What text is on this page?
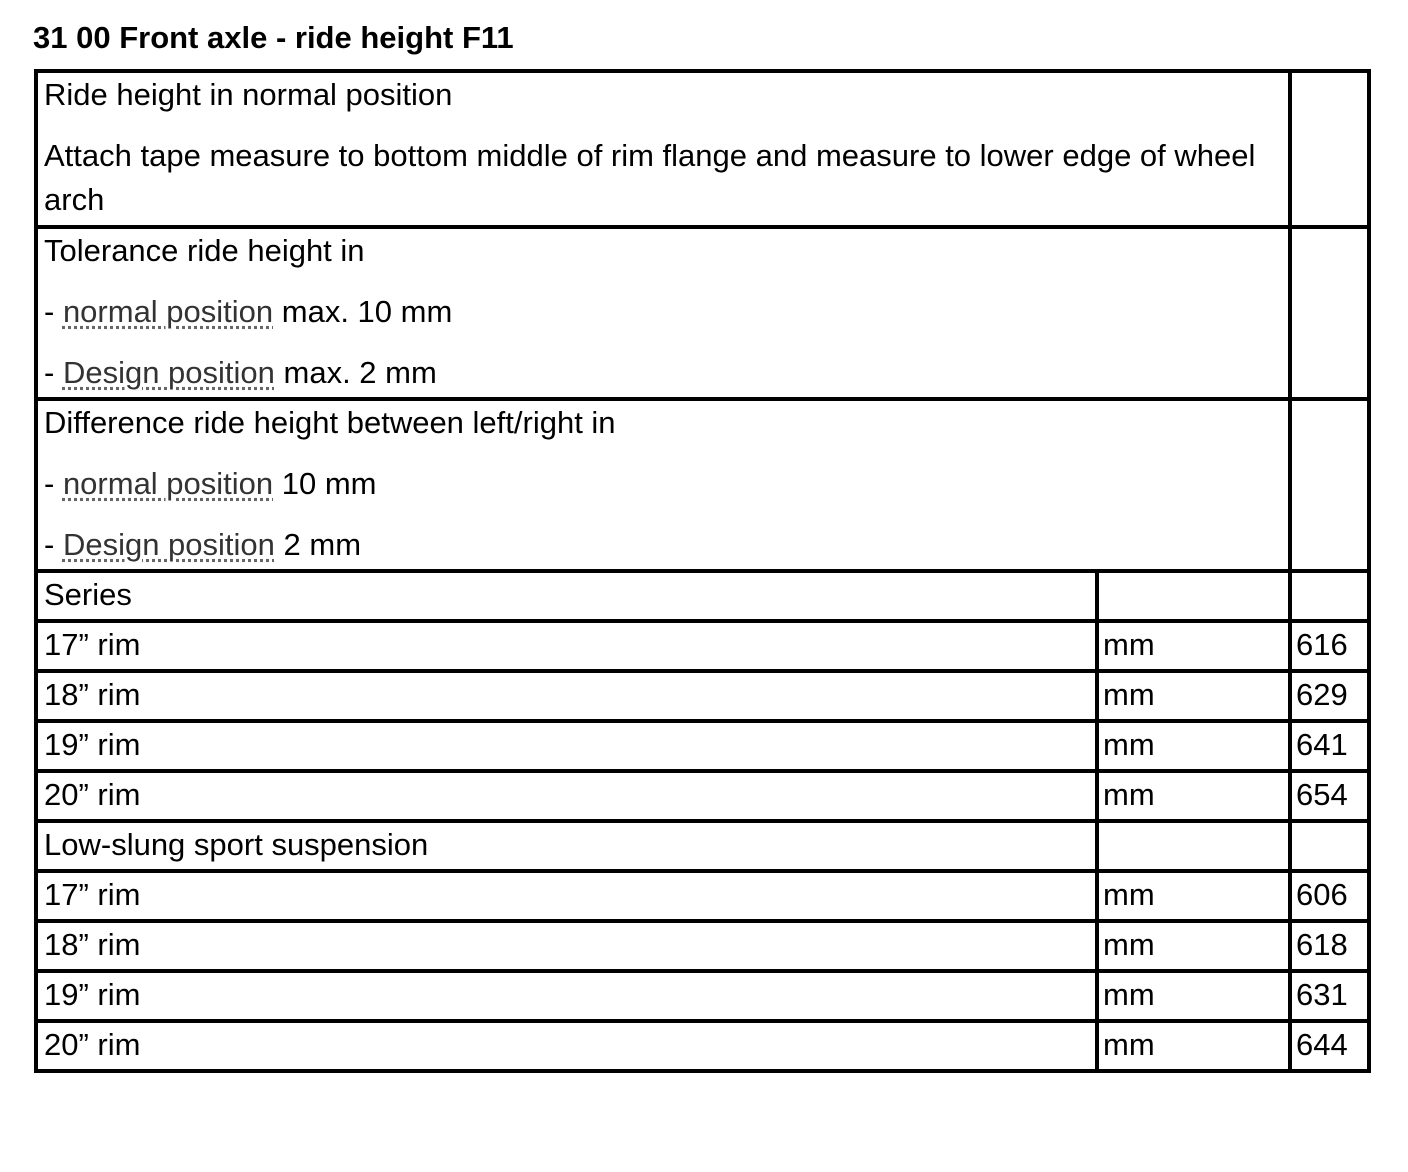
31 00 Front axle - ride height F11

Ride height in normal position

Attach tape measure to bottom middle of rim flange and measure to lower edge of wheel arch		

Tolerance ride height in

- normal position max. 10 mm

- Design position max. 2 mm		

Difference ride height between left/right in

- normal position 10 mm

- Design position 2 mm		

Series		
17” rim	mm	616
18” rim	mm	629
19” rim	mm	641
20” rim	mm	654
Low-slung sport suspension		
17” rim	mm	606
18” rim	mm	618
19” rim	mm	631
20” rim	mm	644
